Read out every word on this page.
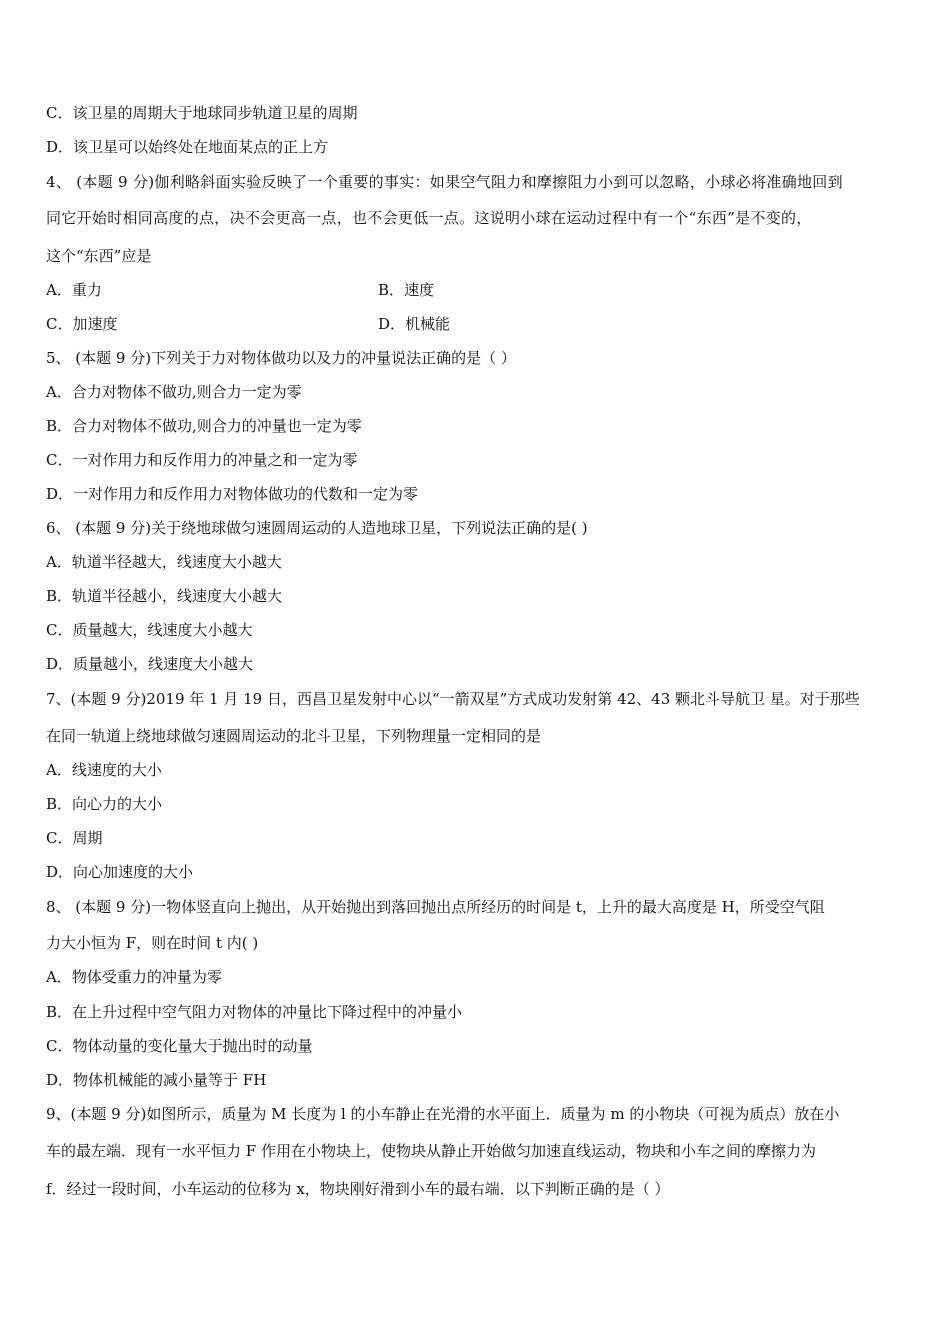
C．该卫星的周期大于地球同步轨道卫星的周期
D．该卫星可以始终处在地面某点的正上方
4、 (本题 9 分)伽利略斜面实验反映了一个重要的事实：如果空气阻力和摩擦阻力小到可以忽略，小球必将准确地回到
同它开始时相同高度的点，决不会更高一点，也不会更低一点。这说明小球在运动过程中有一个“东西”是不变的，
这个“东西”应是
A．重力	B．速度
C．加速度	D．机械能
5、 (本题 9 分)下列关于力对物体做功以及力的冲量说法正确的是（ ）
A．合力对物体不做功,则合力一定为零
B．合力对物体不做功,则合力的冲量也一定为零
C．一对作用力和反作用力的冲量之和一定为零
D．一对作用力和反作用力对物体做功的代数和一定为零
6、 (本题 9 分)关于绕地球做匀速圆周运动的人造地球卫星，下列说法正确的是( )
A．轨道半径越大，线速度大小越大
B．轨道半径越小，线速度大小越大
C．质量越大，线速度大小越大
D．质量越小，线速度大小越大
7、(本题 9 分)2019 年 1 月 19 日，西昌卫星发射中心以“一箭双星”方式成功发射第 42、43 颗北斗导航卫 星。对于那些
在同一轨道上绕地球做匀速圆周运动的北斗卫星，下列物理量一定相同的是
A．线速度的大小
B．向心力的大小
C．周期
D．向心加速度的大小
8、 (本题 9 分)一物体竖直向上抛出，从开始抛出到落回抛出点所经历的时间是 t，上升的最大高度是 H，所受空气阻
力大小恒为 F，则在时间 t 内( )
A．物体受重力的冲量为零
B．在上升过程中空气阻力对物体的冲量比下降过程中的冲量小
C．物体动量的变化量大于抛出时的动量
D．物体机械能的减小量等于 FH
9、(本题 9 分)如图所示，质量为 M 长度为 l 的小车静止在光滑的水平面上．质量为 m 的小物块（可视为质点）放在小
车的最左端．现有一水平恒力 F 作用在小物块上，使物块从静止开始做匀加速直线运动，物块和小车之间的摩擦力为
f．经过一段时间，小车运动的位移为 x，物块刚好滑到小车的最右端．以下判断正确的是（ ）
